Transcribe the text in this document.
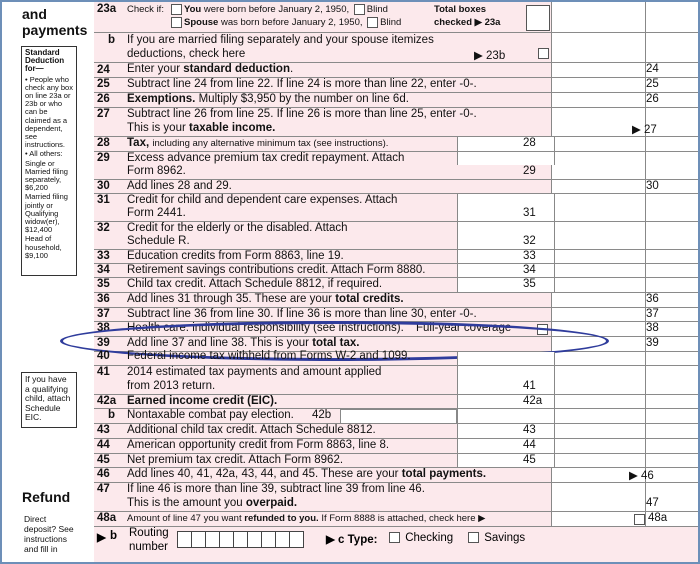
and
payments
Standard Deduction for—
• People who check any box on line 23a or 23b or who can be claimed as a dependent, see instructions.
• All others:
Single or Married filing separately, $6,200
Married filing jointly or Qualifying widow(er), $12,400
Head of household, $9,100
If you have a qualifying child, attach Schedule EIC.
Refund
Direct deposit? See instructions and fill in
23a Check if:	You were born before January 2, 1950, Blind
Spouse was born before January 2, 1950, Blind
Total boxes
checked ▶ 23a
b If you are married filing separately and your spouse itemizes
deductions, check here	▶ 23b
24 Enter your standard deduction.	24
25 Subtract line 24 from line 22. If line 24 is more than line 22, enter -0-.	25
26 Exemptions. Multiply $3,950 by the number on line 6d.	26
27 Subtract line 26 from line 25. If line 26 is more than line 25, enter -0-.
This is your taxable income.	▶ 27
28 Tax, including any alternative minimum tax (see instructions).	28
29 Excess advance premium tax credit repayment. Attach
Form 8962.	29
30 Add lines 28 and 29.	30
31 Credit for child and dependent care expenses. Attach
Form 2441.	31
32 Credit for the elderly or the disabled. Attach
Schedule R.	32
33 Education credits from Form 8863, line 19.	33
34 Retirement savings contributions credit. Attach Form 8880.	34
35 Child tax credit. Attach Schedule 8812, if required.	35
36 Add lines 31 through 35. These are your total credits.	36
37 Subtract line 36 from line 30. If line 36 is more than line 30, enter -0-.	37
38 Health care: individual responsibility (see instructions). Full-year coverage	38
39 Add line 37 and line 38. This is your total tax.	39
40 Federal income tax withheld from Forms W-2 and 1099.
41 2014 estimated tax payments and amount applied
from 2013 return.	41
42a Earned income credit (EIC).	42a
b Nontaxable combat pay election. 42b
43 Additional child tax credit. Attach Schedule 8812.	43
44 American opportunity credit from Form 8863, line 8.	44
45 Net premium tax credit. Attach Form 8962.	45
46 Add lines 40, 41, 42a, 43, 44, and 45. These are your total payments.	▶ 46
47 If line 46 is more than line 39, subtract line 39 from line 46.
This is the amount you overpaid.	47
48a Amount of line 47 you want refunded to you. If Form 8888 is attached, check here ▶	48a
▶ b Routing
number
▶ c Type:	Checking	Savings
